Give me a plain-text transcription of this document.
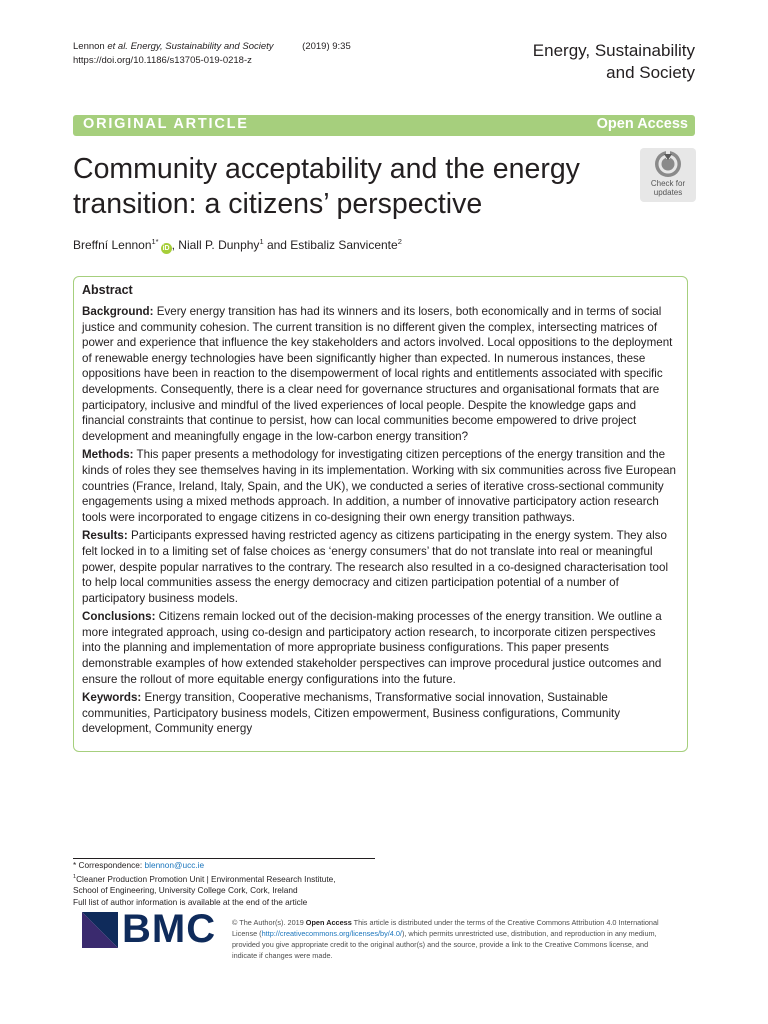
Lennon et al. Energy, Sustainability and Society	(2019) 9:35
https://doi.org/10.1186/s13705-019-0218-z
Energy, Sustainability
and Society
ORIGINAL ARTICLE	Open Access
Community acceptability and the energy
transition: a citizens’ perspective
Check for
updates
Breffní Lennon$^{1*}$iD , Niall P. Dunphy$^1$ and Estibaliz Sanvicente$^2$
Abstract

Background: Every energy transition has had its winners and its losers, both economically and in terms of social justice and community cohesion. The current transition is no different given the complex, intersecting matrices of power and experience that influence the key stakeholders and actors involved. Local oppositions to the deployment of renewable energy technologies have been significantly higher than expected. In numerous instances, these oppositions have been in reaction to the disempowerment of local rights and entitlements associated with specific developments. Consequently, there is a clear need for governance structures and organisational formats that are participatory, inclusive and mindful of the lived experiences of local people. Despite the knowledge gaps and financial constraints that continue to persist, how can local communities become empowered to drive project development and meaningfully engage in the low-carbon energy transition?

Methods: This paper presents a methodology for investigating citizen perceptions of the energy transition and the kinds of roles they see themselves having in its implementation. Working with six communities across five European countries (France, Ireland, Italy, Spain, and the UK), we conducted a series of iterative cross-sectional community engagements using a mixed methods approach. In addition, a number of innovative participatory action research tools were incorporated to engage citizens in co-designing their own energy transition pathways.

Results: Participants expressed having restricted agency as citizens participating in the energy system. They also felt locked in to a limiting set of false choices as ‘energy consumers’ that do not translate into real or meaningful power, despite popular narratives to the contrary. The research also resulted in a co-designed characterisation tool to help local communities assess the energy democracy and citizen participation potential of a number of participatory business models.

Conclusions: Citizens remain locked out of the decision-making processes of the energy transition. We outline a more integrated approach, using co-design and participatory action research, to incorporate citizen perspectives into the planning and implementation of more appropriate business configurations. This paper presents demonstrable examples of how extended stakeholder perspectives can improve procedural justice outcomes and ensure the rollout of more equitable energy configurations into the future.

Keywords: Energy transition, Cooperative mechanisms, Transformative social innovation, Sustainable communities, Participatory business models, Citizen empowerment, Business configurations, Community development, Community energy

* Correspondence: blennon@ucc.ie
$^1$Cleaner Production Promotion Unit | Environmental Research Institute,
School of Engineering, University College Cork, Cork, Ireland
Full list of author information is available at the end of the article
BMC © The Author(s). 2019 Open Access This article is distributed under the terms of the Creative Commons Attribution 4.0 International License (http://creativecommons.org/licenses/by/4.0/), which permits unrestricted use, distribution, and reproduction in any medium, provided you give appropriate credit to the original author(s) and the source, provide a link to the Creative Commons license, and indicate if changes were made.
